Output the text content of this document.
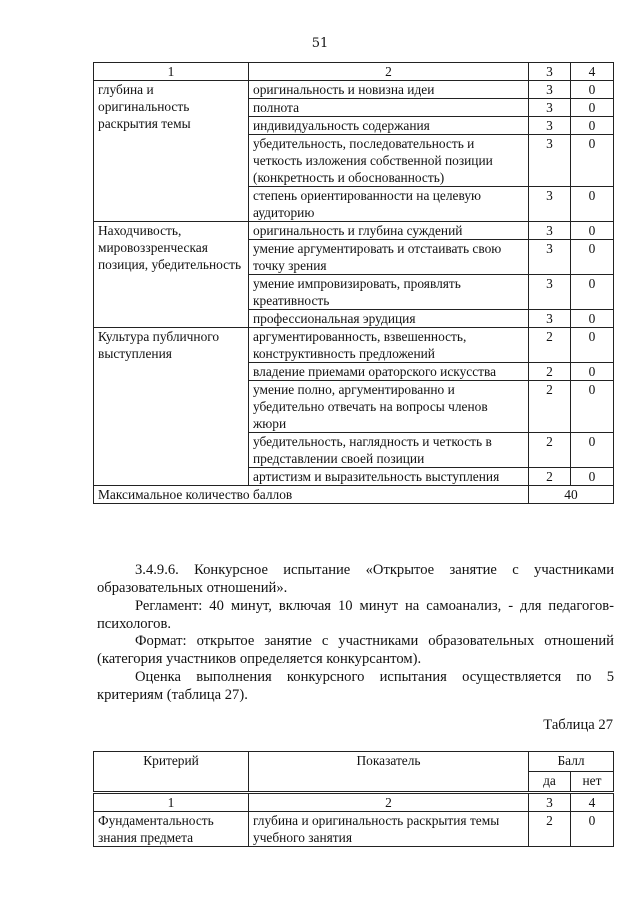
51
1	2	3	4
глубина и оригинальность раскрытия темы	оригинальность и новизна идеи	3	0
	полнота	3	0
	индивидуальность содержания	3	0
	убедительность, последовательность и четкость изложения собственной позиции (конкретность и обоснованность)	3	0
	степень ориентированности на целевую аудиторию	3	0
Находчивость, мировоззренческая позиция, убедительность	оригинальность и глубина суждений	3	0
	умение аргументировать и отстаивать свою точку зрения	3	0
	умение импровизировать, проявлять креативность	3	0
	профессиональная эрудиция	3	0
Культура публичного выступления	аргументированность, взвешенность, конструктивность предложений	2	0
	владение приемами ораторского искусства	2	0
	умение полно, аргументированно и убедительно отвечать на вопросы членов жюри	2	0
	убедительность, наглядность и четкость в представлении своей позиции	2	0
	артистизм и выразительность выступления	2	0
Максимальное количество баллов		40	

3.4.9.6. Конкурсное испытание «Открытое занятие с участниками образовательных отношений».

Регламент: 40 минут, включая 10 минут на самоанализ, - для педагогов-психологов.

Формат: открытое занятие с участниками образовательных отношений (категория участников определяется конкурсантом).

Оценка выполнения конкурсного испытания осуществляется по 5 критериям (таблица 27).

Таблица 27
Критерий	Показатель	Балл	
		да	нет
1	2	3	4
Фундаментальность знания предмета	глубина и оригинальность раскрытия темы учебного занятия	2	0
